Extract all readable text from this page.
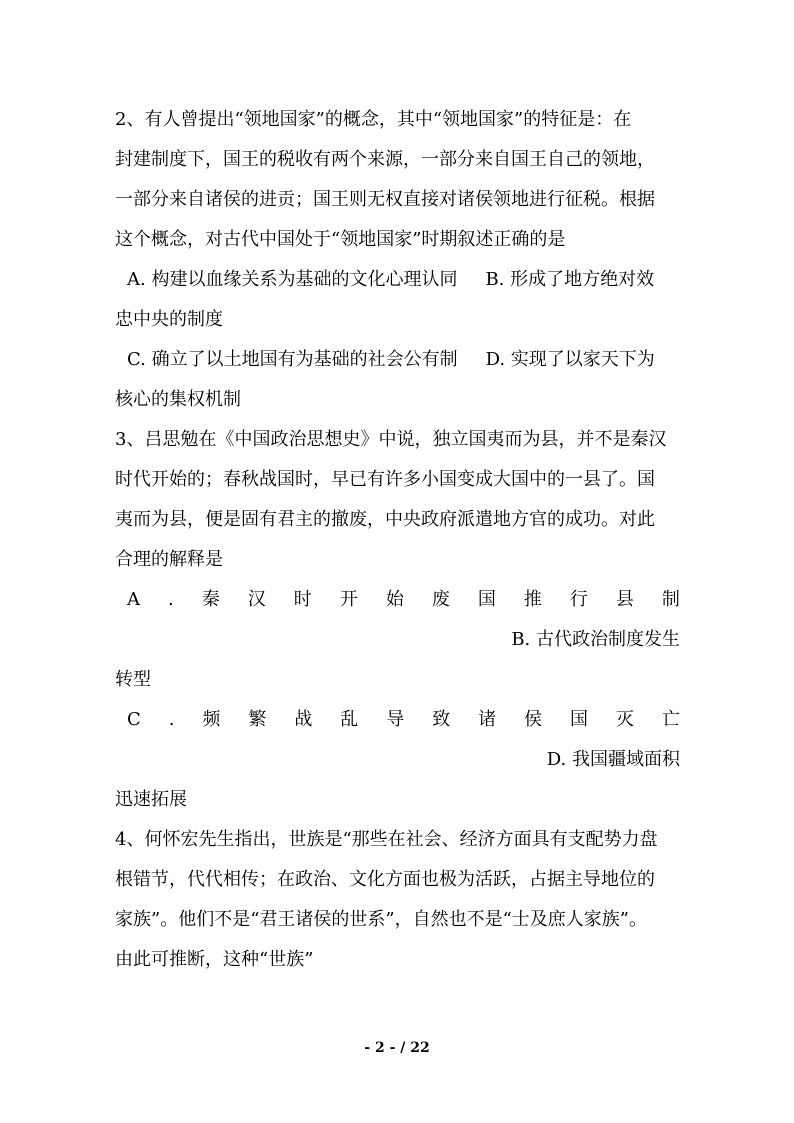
2、有人曾提出“领地国家”的概念，其中“领地国家”的特征是：在
封建制度下，国王的税收有两个来源，一部分来自国王自己的领地，
一部分来自诸侯的进贡；国王则无权直接对诸侯领地进行征税。根据
这个概念，对古代中国处于“领地国家”时期叙述正确的是
A. 构建以血缘关系为基础的文化心理认同 B. 形成了地方绝对效
忠中央的制度
C. 确立了以土地国有为基础的社会公有制 D. 实现了以家天下为
核心的集权机制
3、吕思勉在《中国政治思想史》中说，独立国夷而为县，并不是秦汉
时代开始的；春秋战国时，早已有许多小国变成大国中的一县了。国
夷而为县，便是固有君主的撤废，中央政府派遣地方官的成功。对此
合理的解释是
A . 秦 汉 时 开 始 废 国 推 行 县 制
B. 古代政治制度发生
转型
C . 频 繁 战 乱 导 致 诸 侯 国 灭 亡
D. 我国疆域面积
迅速拓展
4、何怀宏先生指出，世族是“那些在社会、经济方面具有支配势力盘
根错节，代代相传；在政治、文化方面也极为活跃，占据主导地位的
家族”。他们不是“君王诸侯的世系”，自然也不是“士及庶人家族”。
由此可推断，这种“世族”
- 2 - / 22
